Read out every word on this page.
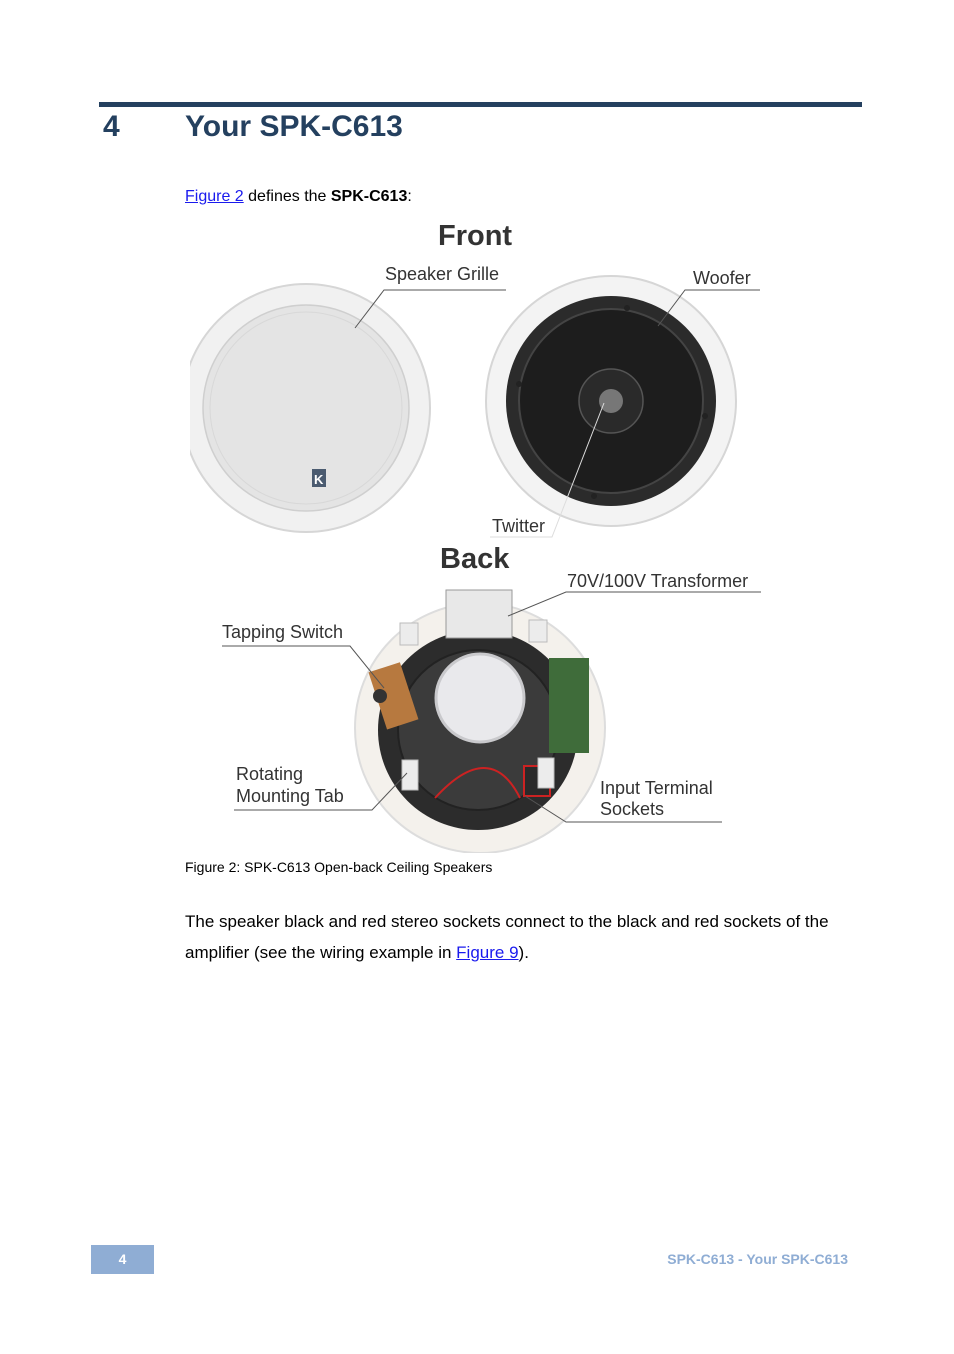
4 Your SPK-C613
Figure 2 defines the SPK-C613:
Front
K
Speaker Grille	Woofer
Twitter
Back
70V/100V Transformer
Tapping Switch
Rotating
Mounting Tab	Input Terminal
Sockets
Figure 2: SPK-C613 Open-back Ceiling Speakers
The speaker black and red stereo sockets connect to the black and red sockets of the amplifier (see the wiring example in Figure 9).
4	SPK-C613 - Your SPK-C613
